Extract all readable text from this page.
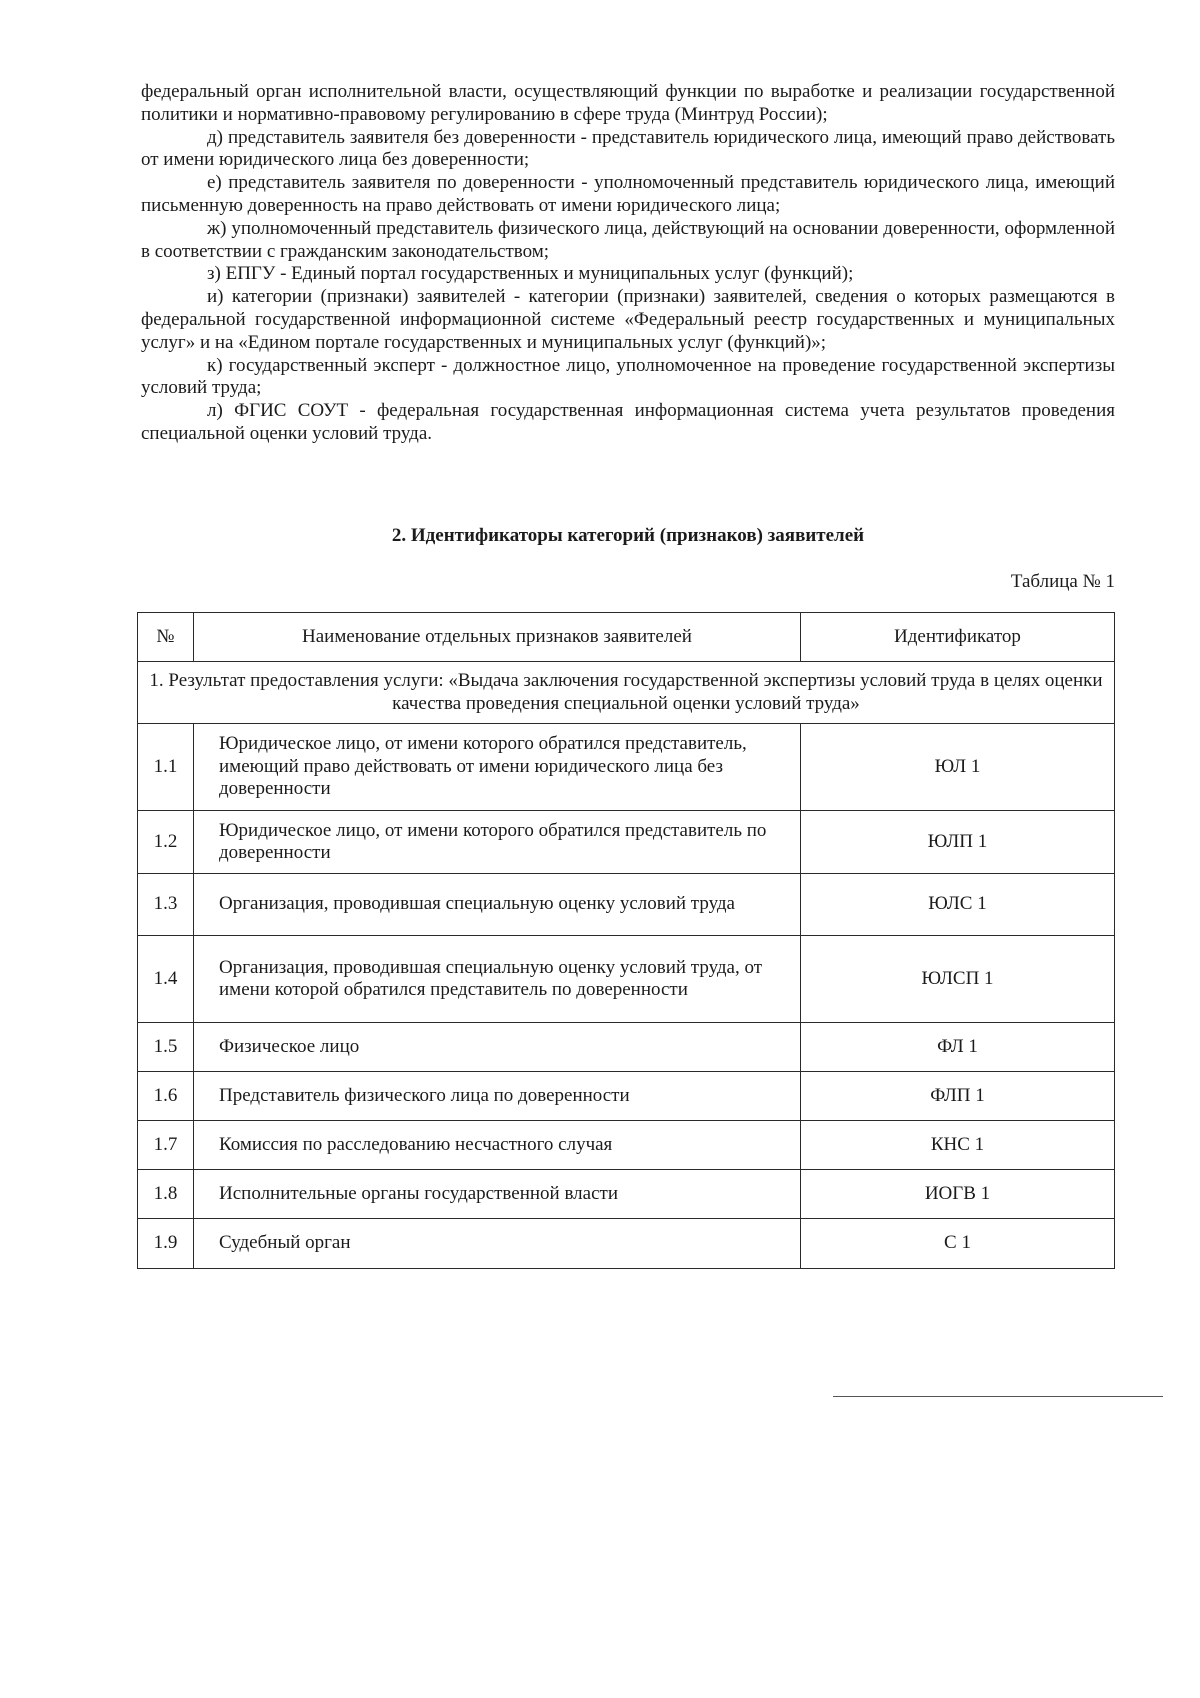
федеральный орган исполнительной власти, осуществляющий функции по выработке и реализации государственной политики и нормативно-правовому регулированию в сфере труда (Минтруд России);

д) представитель заявителя без доверенности - представитель юридического лица, имеющий право действовать от имени юридического лица без доверенности;

е) представитель заявителя по доверенности - уполномоченный представитель юридического лица, имеющий письменную доверенность на право действовать от имени юридического лица;

ж) уполномоченный представитель физического лица, действующий на основании доверенности, оформленной в соответствии с гражданским законодательством;

з) ЕПГУ - Единый портал государственных и муниципальных услуг (функций);

и) категории (признаки) заявителей - категории (признаки) заявителей, сведения о которых размещаются в федеральной государственной информационной системе «Федеральный реестр государственных и муниципальных услуг» и на «Едином портале государственных и муниципальных услуг (функций)»;

к) государственный эксперт - должностное лицо, уполномоченное на проведение государственной экспертизы условий труда;

л) ФГИС СОУТ - федеральная государственная информационная система учета результатов проведения специальной оценки условий труда.

2. Идентификаторы категорий (признаков) заявителей
Таблица № 1
№	Наименование отдельных признаков заявителей	Идентификатор
1. Результат предоставления услуги: «Выдача заключения государственной экспертизы условий труда в целях оценки качества проведения специальной оценки условий труда»		
1.1	Юридическое лицо, от имени которого обратился представитель, имеющий право действовать от имени юридического лица без доверенности	ЮЛ 1
1.2	Юридическое лицо, от имени которого обратился представитель по доверенности	ЮЛП 1
1.3	Организация, проводившая специальную оценку условий труда	ЮЛС 1
1.4	Организация, проводившая специальную оценку условий труда, от имени которой обратился представитель по доверенности	ЮЛСП 1
1.5	Физическое лицо	ФЛ 1
1.6	Представитель физического лица по доверенности	ФЛП 1
1.7	Комиссия по расследованию несчастного случая	КНС 1
1.8	Исполнительные органы государственной власти	ИОГВ 1
1.9	Судебный орган	С 1
